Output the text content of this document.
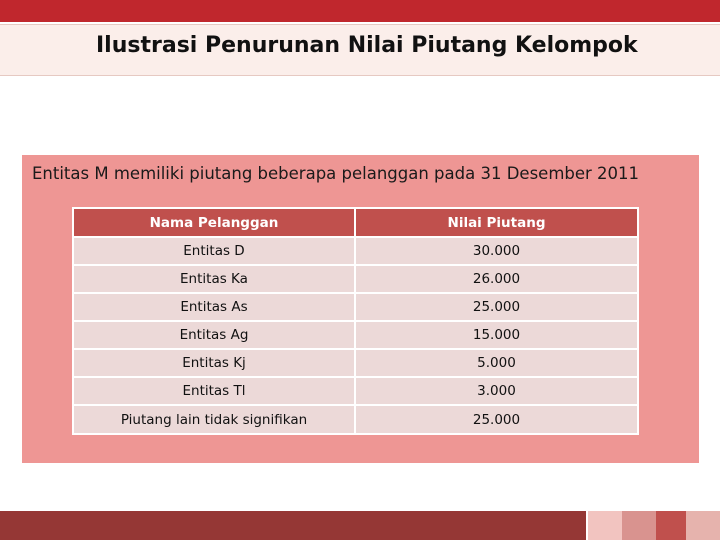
Ilustrasi Penurunan Nilai Piutang Kelompok
Entitas M memiliki piutang beberapa pelanggan pada 31 Desember 2011
Nama Pelanggan	Nilai Piutang
Entitas D	30.000
Entitas Ka	26.000
Entitas As	25.000
Entitas Ag	15.000
Entitas Kj	5.000
Entitas Tl	3.000
Piutang lain tidak signifikan	25.000
